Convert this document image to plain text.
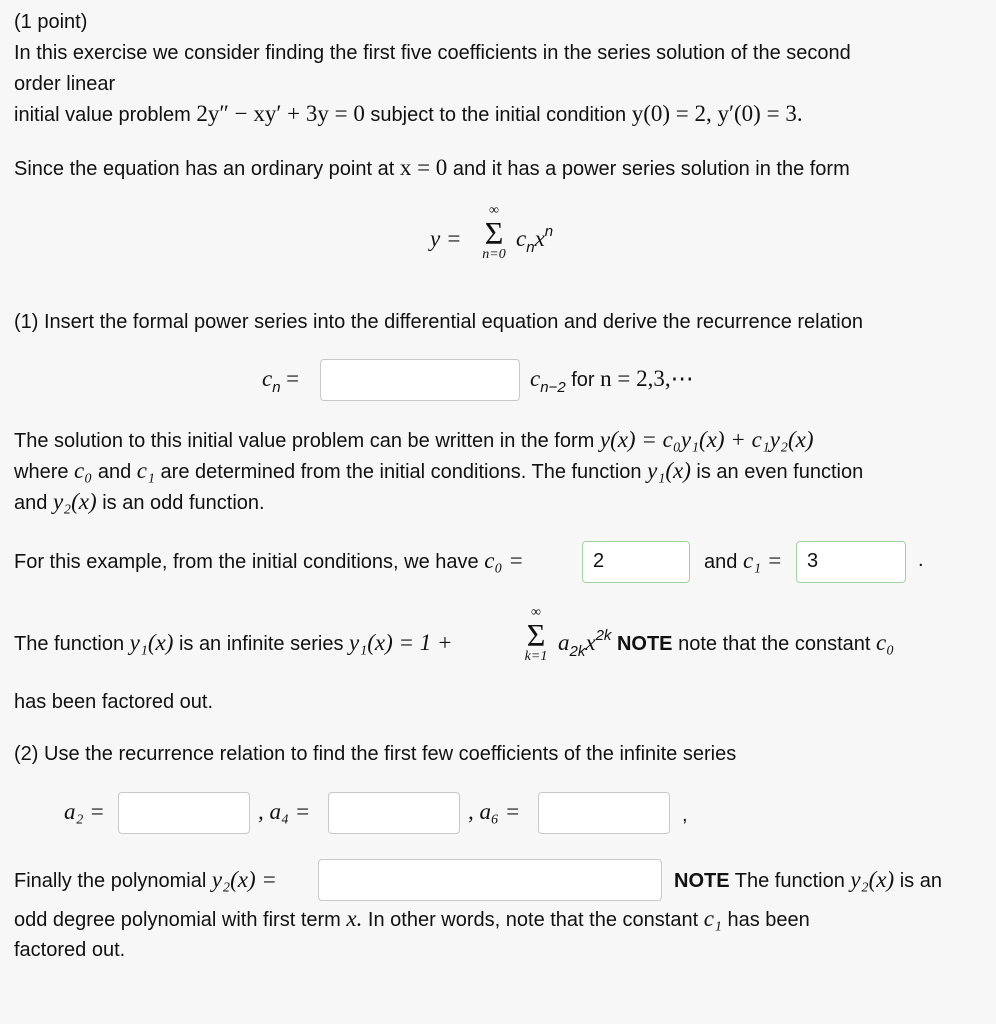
(1 point)
In this exercise we consider finding the first five coefficients in the series solution of the second
order linear
initial value problem 2y″ − xy′ + 3y = 0 subject to the initial condition y(0) = 2, y′(0) = 3.
Since the equation has an ordinary point at x = 0 and it has a power series solution in the form
y =
∞
Σ
n=0
$c_nx^n$
(1) Insert the formal power series into the differential equation and derive the recurrence relation
$c_n$ =	$c_{n-2}$ for n = 2,3,⋯
The solution to this initial value problem can be written in the form y(x) = c₀y₁(x) + c₁y₂(x)
where c₀ and c₁ are determined from the initial conditions. The function y₁(x) is an even function
and y₂(x) is an odd function.
For this example, from the initial conditions, we have c₀ =	2	and c₁ =	3	.
The function y₁(x) is an infinite series y₁(x) = 1 +
∞
Σ
k=1
$a_{2k}x^{2k}$ NOTE note that the constant c₀
has been factored out.
(2) Use the recurrence relation to find the first few coefficients of the infinite series
a₂ =	, a₄ =	, a₆ =	,
Finally the polynomial y₂(x) =	NOTE The function y₂(x) is an
odd degree polynomial with first term x. In other words, note that the constant c₁ has been
factored out.
